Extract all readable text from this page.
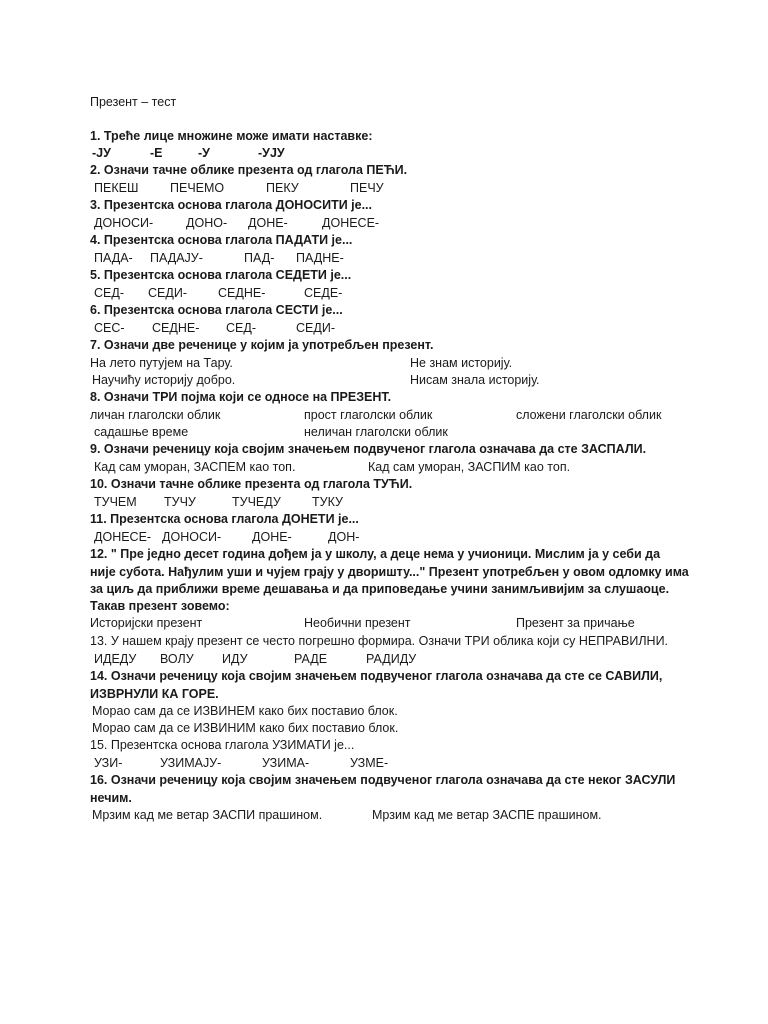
Презент – тест
1. Треће лице множине може имати наставке:
-ЈУ	-Е	-У	-УЈУ
2. Означи тачне облике презента од глагола ПЕЋИ.
ПЕКЕШ	ПЕЧЕМО	ПЕКУ	ПЕЧУ
3. Презентска основа глагола ДОНОСИТИ је...
ДОНОСИ-	ДОНО- ДОНЕ-	ДОНЕСЕ-
4. Презентска основа глагола ПАДАТИ је...
ПАДА- ПАДАЈУ-	ПАД- ПАДНЕ-
5. Презентска основа глагола СЕДЕТИ је...
СЕД- СЕДИ- СЕДНЕ-	СЕДЕ-
6. Презентска основа глагола СЕСТИ је...
СЕС- СЕДНЕ- СЕД-	СЕДИ-
7. Означи две реченице у којим ја употребљен презент.
На лето путујем на Тару.	Не знам историју.
Научићу историју добро.	Нисам знала историју.
8. Означи ТРИ појма који се односе на ПРЕЗЕНТ.
личан глаголски облик	прост глаголски облик	сложени глаголски облик
садашње време	неличан глаголски облик
9. Означи реченицу која својим значењем подвученог глагола означава да сте ЗАСПАЛИ.
Кад сам уморан, ЗАСПЕМ као топ.	Кад сам уморан, ЗАСПИМ као топ.
10. Означи тачне облике презента од глагола ТУЋИ.
ТУЧЕМ ТУЧУ	ТУЧЕДУ ТУКУ
11. Презентска основа глагола ДОНЕТИ је...
ДОНЕСЕ- ДОНОСИ- ДОНЕ-	ДОН-
12. " Пре једно десет година дођем ја у школу, а деце нема у учионици. Мислим ја у себи да
није субота. Нађулим уши и чујем грају у дворишту..." Презент употребљен у овом одломку има
за циљ да приближи време дешавања и да приповедање учини занимљивијим за слушаоце.
Такав презент зовемо:
Историјски презент	Необични презент	Презент за причање
13. У нашем крају презент се често погрешно формира. Означи ТРИ облика који су НЕПРАВИЛНИ.
ИДЕДУ ВОЛУ ИДУ	РАДЕ	РАДИДУ
14. Означи реченицу која својим значењем подвученог глагола означава да сте се САВИЛИ,
ИЗВРНУЛИ КА ГОРЕ.
Морао сам да се ИЗВИНЕМ како бих поставио блок.
Морао сам да се ИЗВИНИМ како бих поставио блок.
15. Презентска основа глагола УЗИМАТИ је...
УЗИ-	УЗИМАЈУ-	УЗИМА-	УЗМЕ-
16. Означи реченицу која својим значењем подвученог глагола означава да сте неког ЗАСУЛИ
нечим.
Мрзим кад ме ветар ЗАСПИ прашином.	Мрзим кад ме ветар ЗАСПЕ прашином.
